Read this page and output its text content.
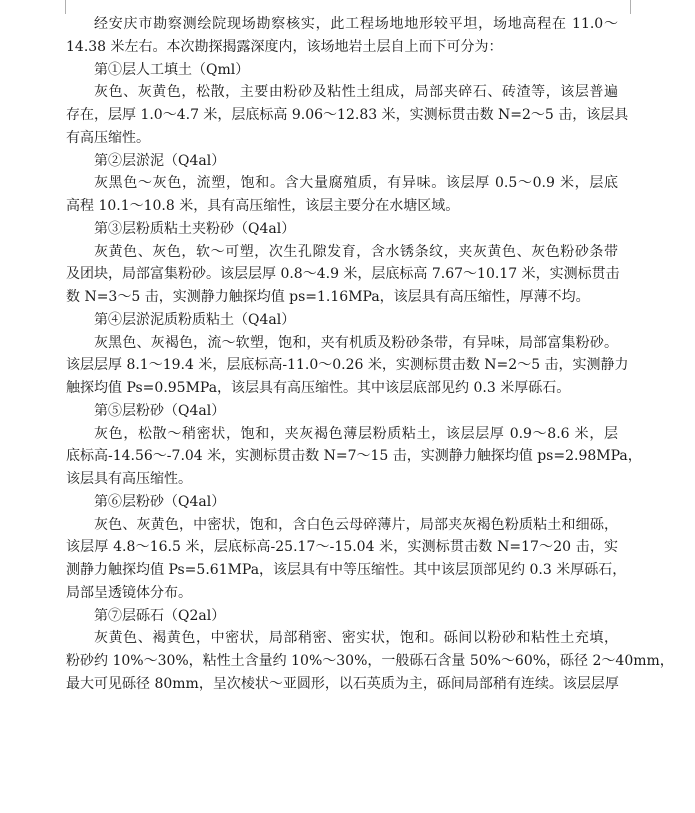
经安庆市勘察测绘院现场勘察核实，此工程场地地形较平坦，场地高程在 11.0～
14.38 米左右。本次勘探揭露深度内，该场地岩土层自上而下可分为：
第①层人工填土（Qml）
灰色、灰黄色，松散，主要由粉砂及粘性土组成，局部夹碎石、砖渣等，该层普遍
存在，层厚 1.0～4.7 米，层底标高 9.06～12.83 米，实测标贯击数 N=2～5 击，该层具
有高压缩性。
第②层淤泥（Q4al）
灰黑色～灰色，流塑，饱和。含大量腐殖质，有异味。该层厚 0.5～0.9 米，层底
高程 10.1～10.8 米，具有高压缩性，该层主要分在水塘区域。
第③层粉质粘土夹粉砂（Q4al）
灰黄色、灰色，软～可塑，次生孔隙发育，含水锈条纹，夹灰黄色、灰色粉砂条带
及团块，局部富集粉砂。该层层厚 0.8～4.9 米，层底标高 7.67～10.17 米，实测标贯击
数 N=3～5 击，实测静力触探均值 ps=1.16MPa，该层具有高压缩性，厚薄不均。
第④层淤泥质粉质粘土（Q4al）
灰黑色、灰褐色，流～软塑，饱和，夹有机质及粉砂条带，有异味，局部富集粉砂。
该层层厚 8.1～19.4 米，层底标高-11.0～0.26 米，实测标贯击数 N=2～5 击，实测静力
触探均值 Ps=0.95MPa，该层具有高压缩性。其中该层底部见约 0.3 米厚砾石。
第⑤层粉砂（Q4al）
灰色，松散～稍密状，饱和，夹灰褐色薄层粉质粘土，该层层厚 0.9～8.6 米，层
底标高-14.56～-7.04 米，实测标贯击数 N=7～15 击，实测静力触探均值 ps=2.98MPa，
该层具有高压缩性。
第⑥层粉砂（Q4al）
灰色、灰黄色，中密状，饱和，含白色云母碎薄片，局部夹灰褐色粉质粘土和细砾，
该层厚 4.8～16.5 米，层底标高-25.17～-15.04 米，实测标贯击数 N=17～20 击，实
测静力触探均值 Ps=5.61MPa，该层具有中等压缩性。其中该层顶部见约 0.3 米厚砾石，
局部呈透镜体分布。
第⑦层砾石（Q2al）
灰黄色、褐黄色，中密状，局部稍密、密实状，饱和。砾间以粉砂和粘性土充填，
粉砂约 10%～30%，粘性土含量约 10%～30%，一般砾石含量 50%～60%，砾径 2～40mm，
最大可见砾径 80mm，呈次棱状～亚圆形，以石英质为主，砾间局部稍有连续。该层层厚
